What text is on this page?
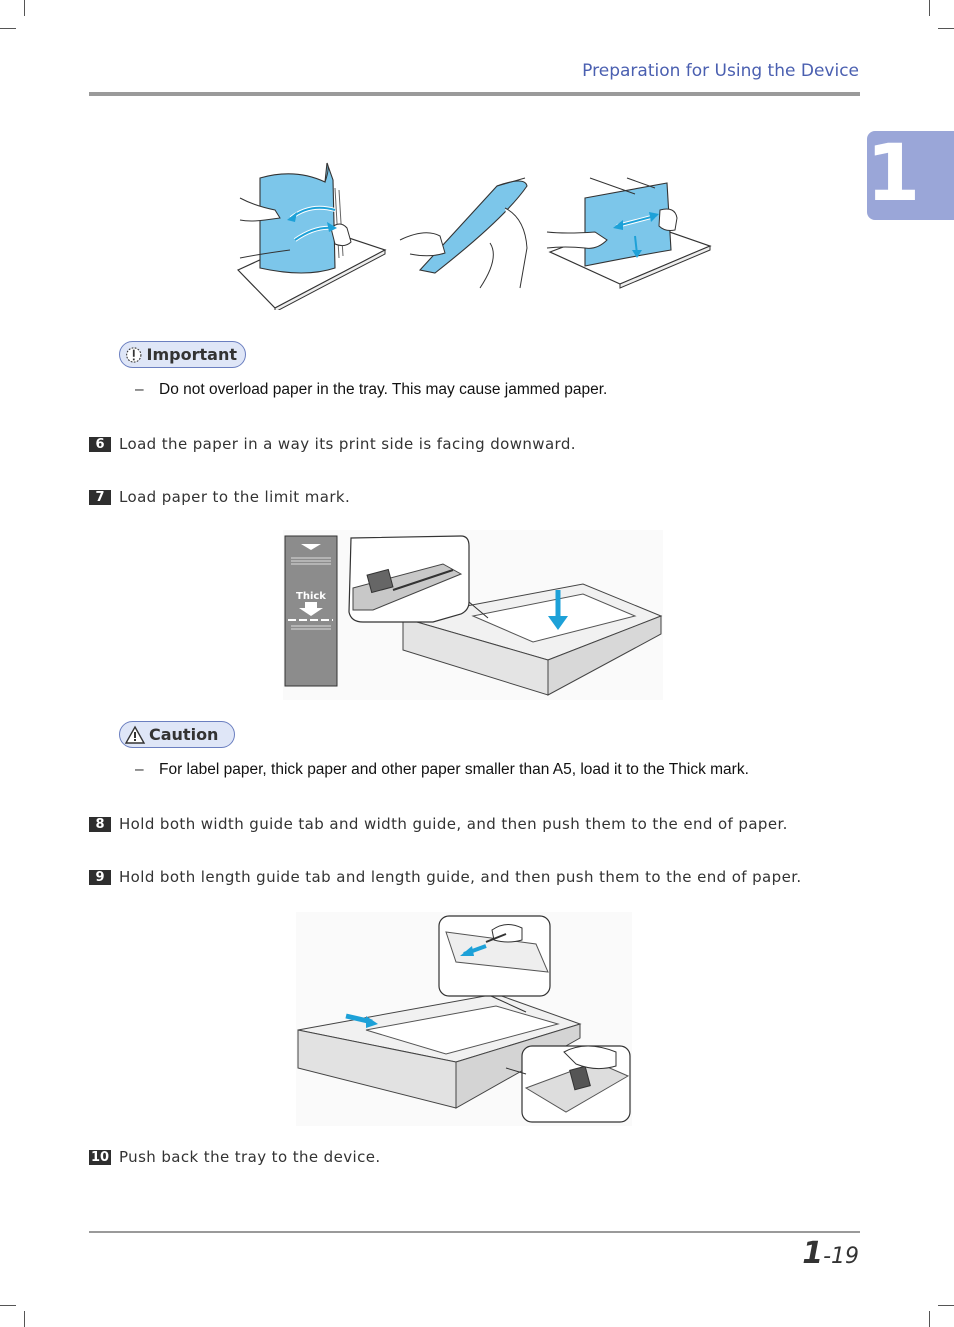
Preparation for Using the Device
1
Important
– Do not overload paper in the tray. This may cause jammed paper.
6 Load the paper in a way its print side is facing downward.
7 Load paper to the limit mark.
Thick
Caution
– For label paper, thick paper and other paper smaller than A5, load it to the Thick mark.
8 Hold both width guide tab and width guide, and then push them to the end of paper.
9 Hold both length guide tab and length guide, and then push them to the end of paper.
10 Push back the tray to the device.
1-19
